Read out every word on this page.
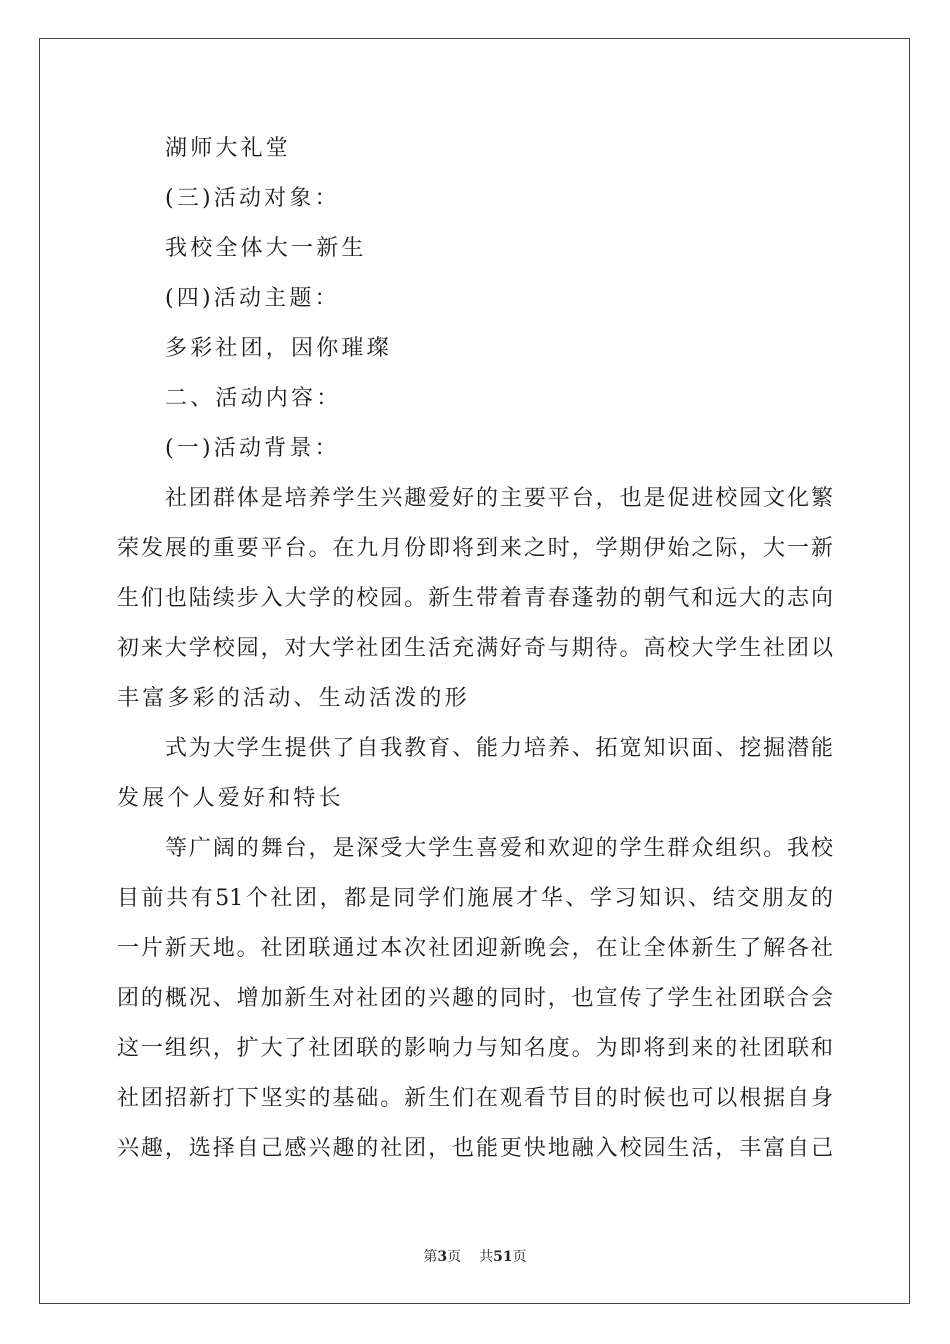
湖师大礼堂
(三)活动对象：
我校全体大一新生
(四)活动主题：
多彩社团，因你璀璨
二、活动内容：
(一)活动背景：
社团群体是培养学生兴趣爱好的主要平台，也是促进校园文化繁
荣发展的重要平台。在九月份即将到来之时，学期伊始之际，大一新
生们也陆续步入大学的校园。新生带着青春蓬勃的朝气和远大的志向
初来大学校园，对大学社团生活充满好奇与期待。高校大学生社团以
丰富多彩的活动、生动活泼的形
式为大学生提供了自我教育、能力培养、拓宽知识面、挖掘潜能
发展个人爱好和特长
等广阔的舞台，是深受大学生喜爱和欢迎的学生群众组织。我校
目前共有51个社团，都是同学们施展才华、学习知识、结交朋友的
一片新天地。社团联通过本次社团迎新晚会，在让全体新生了解各社
团的概况、增加新生对社团的兴趣的同时，也宣传了学生社团联合会
这一组织，扩大了社团联的影响力与知名度。为即将到来的社团联和
社团招新打下坚实的基础。新生们在观看节目的时候也可以根据自身
兴趣，选择自己感兴趣的社团，也能更快地融入校园生活，丰富自己
第3页 共51页
